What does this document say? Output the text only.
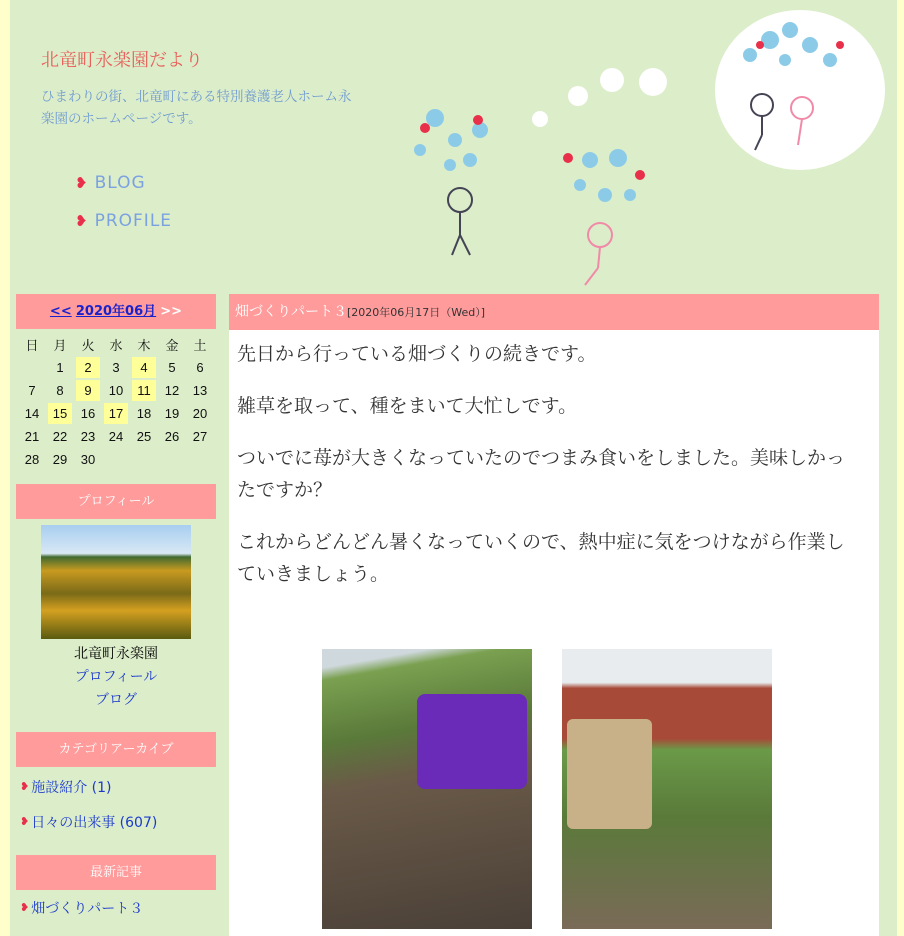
北竜町永楽園だより
ひまわりの街、北竜町にある特別養護老人ホーム永楽園のホームページです。
❥ BLOG
❥ PROFILE
<< 2020年06月 >>
日	月	火	水	木	金	土
	1	2	3	4	5	6
7	8	9	10	11	12	13
14	15	16	17	18	19	20
21	22	23	24	25	26	27
28	29	30				
プロフィール
北竜町永楽園
プロフィール
ブログ
カテゴリアーカイブ
❥ 施設紹介 (1)
❥ 日々の出来事 (607)
最新記事
❥ 畑づくりパート３
畑づくりパート３[2020年06月17日（Wed）]

先日から行っている畑づくりの続きです。

雑草を取って、種をまいて大忙しです。

ついでに苺が大きくなっていたのでつまみ食いをしました。美味しかったですか？

これからどんどん暑くなっていくので、熱中症に気をつけながら作業していきましょう。
